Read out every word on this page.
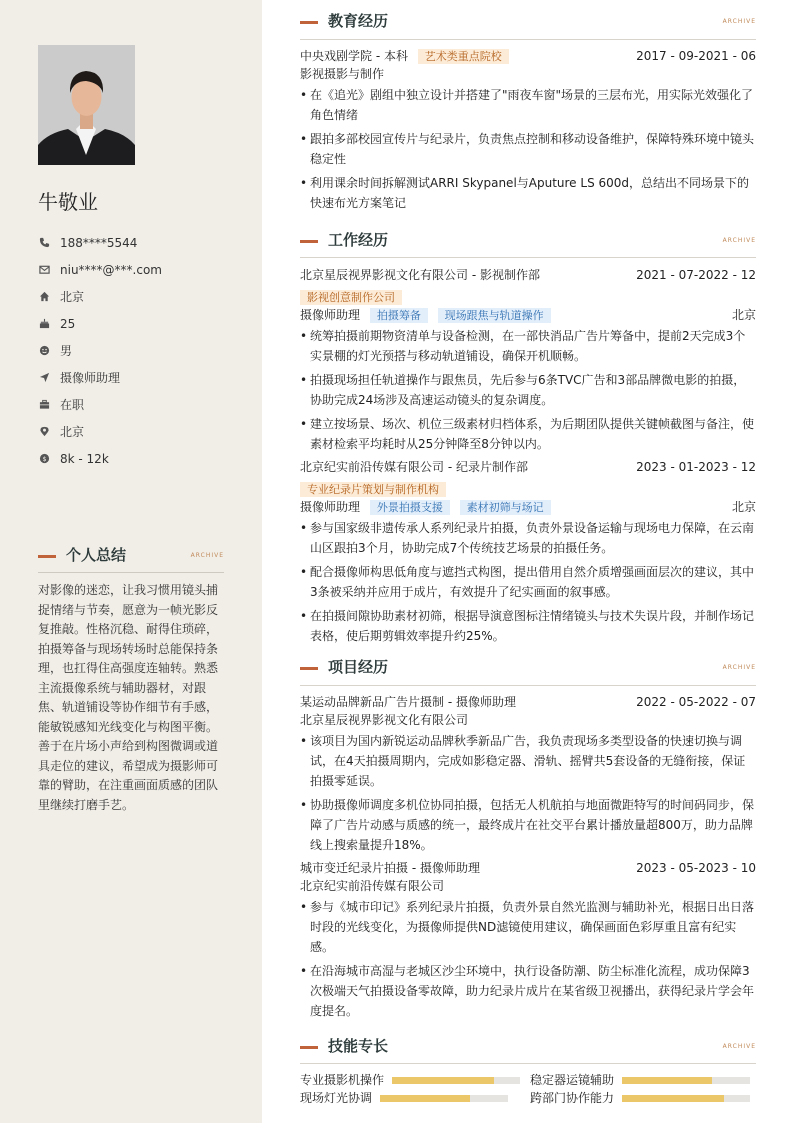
牛敬业
188****5544
niu****@***.com
北京
25
男
摄像师助理
在职
北京
$ 8k - 12k
个人总结	ARCHIVE
对影像的迷恋，让我习惯用镜头捕捉情绪与节奏，愿意为一帧光影反复推敲。性格沉稳、耐得住琐碎，拍摄筹备与现场转场时总能保持条理，也扛得住高强度连轴转。熟悉主流摄像系统与辅助器材，对跟焦、轨道铺设等协作细节有手感，能敏锐感知光线变化与构图平衡。善于在片场小声给到构图微调或道具走位的建议，希望成为摄影师可靠的臂助，在注重画面质感的团队里继续打磨手艺。
教育经历	ARCHIVE
中央戏剧学院 - 本科 艺术类重点院校	2017 - 09-2021 - 06
影视摄影与制作
• 在《追光》剧组中独立设计并搭建了"雨夜车窗"场景的三层布光，用实际光效强化了角色情绪
• 跟拍多部校园宣传片与纪录片，负责焦点控制和移动设备维护，保障特殊环境中镜头稳定性
• 利用课余时间拆解测试ARRI Skypanel与Aputure LS 600d，总结出不同场景下的快速布光方案笔记
工作经历	ARCHIVE
北京星辰视界影视文化有限公司 - 影视制作部	2021 - 07-2022 - 12
影视创意制作公司
摄像师助理 拍摄筹备 现场跟焦与轨道操作	北京
• 统筹拍摄前期物资清单与设备检测，在一部快消品广告片筹备中，提前2天完成3个实景棚的灯光预搭与移动轨道铺设，确保开机顺畅。
• 拍摄现场担任轨道操作与跟焦员，先后参与6条TVC广告和3部品牌微电影的拍摄，协助完成24场涉及高速运动镜头的复杂调度。
• 建立按场景、场次、机位三级素材归档体系，为后期团队提供关键帧截图与备注，使素材检索平均耗时从25分钟降至8分钟以内。
北京纪实前沿传媒有限公司 - 纪录片制作部	2023 - 01-2023 - 12
专业纪录片策划与制作机构
摄像师助理 外景拍摄支援 素材初筛与场记	北京
• 参与国家级非遗传承人系列纪录片拍摄，负责外景设备运输与现场电力保障，在云南山区跟拍3个月，协助完成7个传统技艺场景的拍摄任务。
• 配合摄像师构思低角度与遮挡式构图，提出借用自然介质增强画面层次的建议，其中3条被采纳并应用于成片，有效提升了纪实画面的叙事感。
• 在拍摄间隙协助素材初筛，根据导演意图标注情绪镜头与技术失误片段，并制作场记表格，使后期剪辑效率提升约25%。
项目经历	ARCHIVE
某运动品牌新品广告片摄制 - 摄像师助理	2022 - 05-2022 - 07
北京星辰视界影视文化有限公司
• 该项目为国内新锐运动品牌秋季新品广告，我负责现场多类型设备的快速切换与调试，在4天拍摄周期内，完成如影稳定器、滑轨、摇臂共5套设备的无缝衔接，保证拍摄零延误。
• 协助摄像师调度多机位协同拍摄，包括无人机航拍与地面微距特写的时间码同步，保障了广告片动感与质感的统一，最终成片在社交平台累计播放量超800万，助力品牌线上搜索量提升18%。
城市变迁纪录片拍摄 - 摄像师助理	2023 - 05-2023 - 10
北京纪实前沿传媒有限公司
• 参与《城市印记》系列纪录片拍摄，负责外景自然光监测与辅助补光，根据日出日落时段的光线变化，为摄像师提供ND滤镜使用建议，确保画面色彩厚重且富有纪实感。
• 在沿海城市高湿与老城区沙尘环境中，执行设备防潮、防尘标准化流程，成功保障3次极端天气拍摄设备零故障，助力纪录片成片在某省级卫视播出，获得纪录片学会年度提名。
技能专长	ARCHIVE
专业摄影机操作	稳定器运镜辅助
现场灯光协调	跨部门协作能力
